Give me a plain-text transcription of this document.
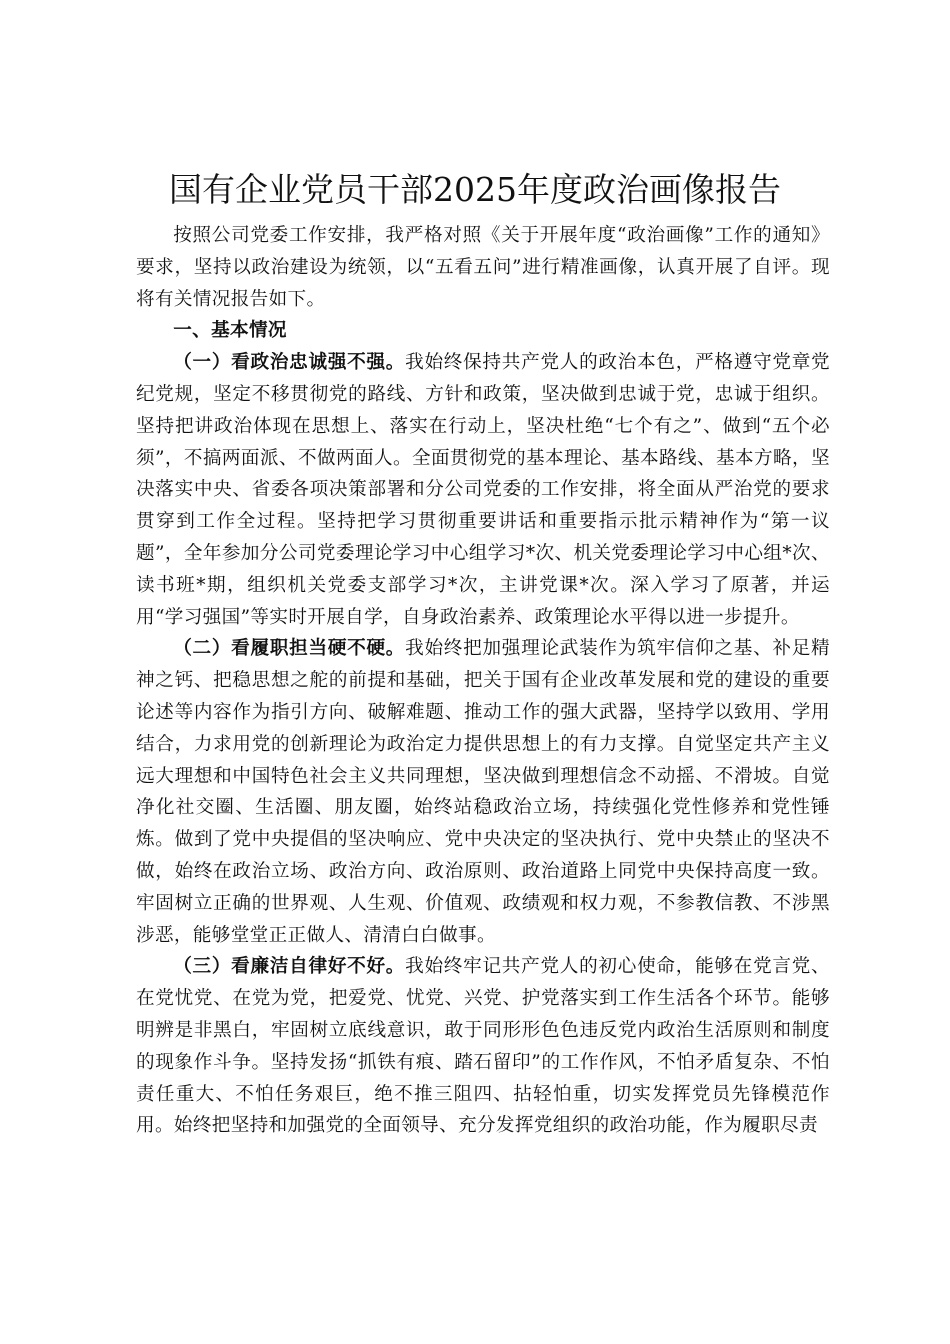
国有企业党员干部2025年度政治画像报告

按照公司党委工作安排，我严格对照《关于开展年度“政治画像”工作的通知》要求，坚持以政治建设为统领，以“五看五问”进行精准画像，认真开展了自评。现将有关情况报告如下。

一、基本情况

（一）看政治忠诚强不强。我始终保持共产党人的政治本色，严格遵守党章党纪党规，坚定不移贯彻党的路线、方针和政策，坚决做到忠诚于党，忠诚于组织。坚持把讲政治体现在思想上、落实在行动上，坚决杜绝“七个有之”、做到“五个必须”，不搞两面派、不做两面人。全面贯彻党的基本理论、基本路线、基本方略，坚决落实中央、省委各项决策部署和分公司党委的工作安排，将全面从严治党的要求贯穿到工作全过程。坚持把学习贯彻重要讲话和重要指示批示精神作为“第一议题”，全年参加分公司党委理论学习中心组学习*次、机关党委理论学习中心组*次、读书班*期，组织机关党委支部学习*次，主讲党课*次。深入学习了原著，并运用“学习强国”等实时开展自学，自身政治素养、政策理论水平得以进一步提升。

（二）看履职担当硬不硬。我始终把加强理论武装作为筑牢信仰之基、补足精神之钙、把稳思想之舵的前提和基础，把关于国有企业改革发展和党的建设的重要论述等内容作为指引方向、破解难题、推动工作的强大武器，坚持学以致用、学用结合，力求用党的创新理论为政治定力提供思想上的有力支撑。自觉坚定共产主义远大理想和中国特色社会主义共同理想，坚决做到理想信念不动摇、不滑坡。自觉净化社交圈、生活圈、朋友圈，始终站稳政治立场，持续强化党性修养和党性锤炼。做到了党中央提倡的坚决响应、党中央决定的坚决执行、党中央禁止的坚决不做，始终在政治立场、政治方向、政治原则、政治道路上同党中央保持高度一致。牢固树立正确的世界观、人生观、价值观、政绩观和权力观，不参教信教、不涉黑涉恶，能够堂堂正正做人、清清白白做事。

（三）看廉洁自律好不好。我始终牢记共产党人的初心使命，能够在党言党、在党忧党、在党为党，把爱党、忧党、兴党、护党落实到工作生活各个环节。能够明辨是非黑白，牢固树立底线意识，敢于同形形色色违反党内政治生活原则和制度的现象作斗争。坚持发扬“抓铁有痕、踏石留印”的工作作风，不怕矛盾复杂、不怕责任重大、不怕任务艰巨，绝不推三阻四、拈轻怕重，切实发挥党员先锋模范作用。始终把坚持和加强党的全面领导、充分发挥党组织的政治功能，作为履职尽责
